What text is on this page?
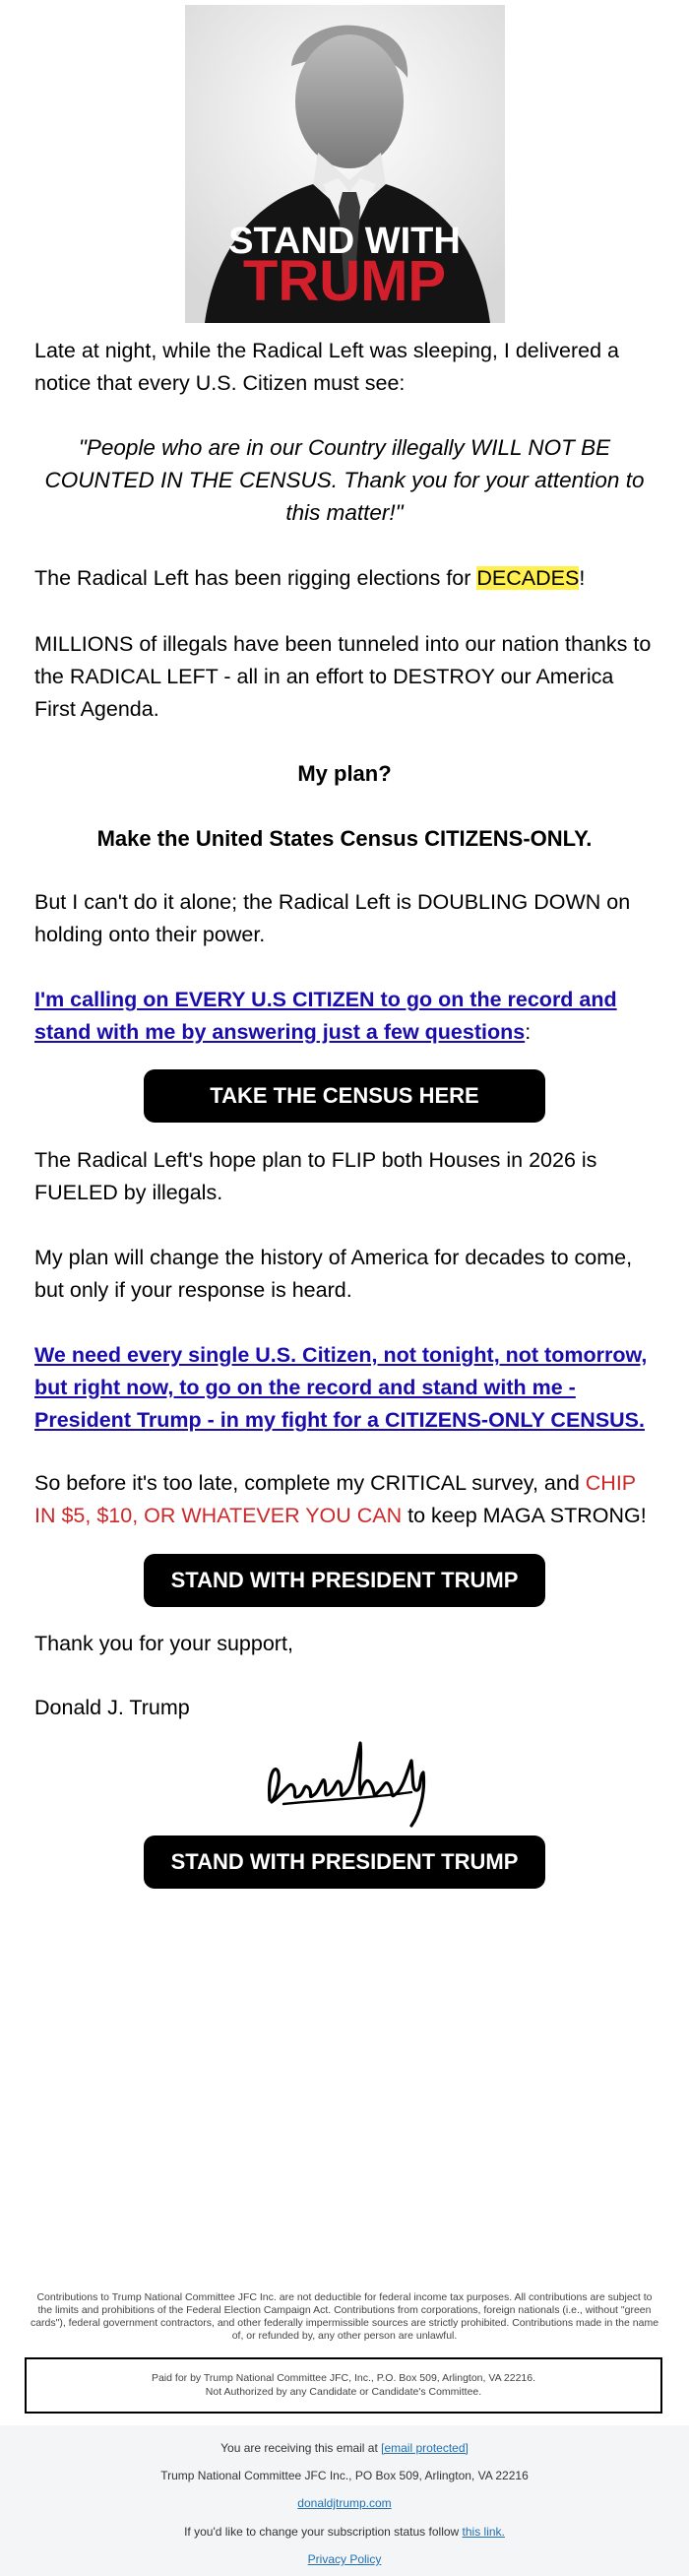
STAND WITH
TRUMP
Late at night, while the Radical Left was sleeping, I delivered a notice that every U.S. Citizen must see:
"People who are in our Country illegally WILL NOT BE COUNTED IN THE CENSUS. Thank you for your attention to this matter!"
The Radical Left has been rigging elections for DECADES!
MILLIONS of illegals have been tunneled into our nation thanks to the RADICAL LEFT - all in an effort to DESTROY our America First Agenda.
My plan?
Make the United States Census CITIZENS-ONLY.
But I can't do it alone; the Radical Left is DOUBLING DOWN on holding onto their power.
I'm calling on EVERY U.S CITIZEN to go on the record and stand with me by answering just a few questions:
TAKE THE CENSUS HERE
The Radical Left's hope plan to FLIP both Houses in 2026 is FUELED by illegals.
My plan will change the history of America for decades to come, but only if your response is heard.
We need every single U.S. Citizen, not tonight, not tomorrow, but right now, to go on the record and stand with me - President Trump - in my fight for a CITIZENS-ONLY CENSUS.
So before it's too late, complete my CRITICAL survey, and CHIP IN $5, $10, OR WHATEVER YOU CAN to keep MAGA STRONG!
STAND WITH PRESIDENT TRUMP
Thank you for your support,
Donald J. Trump
STAND WITH PRESIDENT TRUMP
Contributions to Trump National Committee JFC Inc. are not deductible for federal income tax purposes. All contributions are subject to the limits and prohibitions of the Federal Election Campaign Act. Contributions from corporations, foreign nationals (i.e., without "green cards"), federal government contractors, and other federally impermissible sources are strictly prohibited. Contributions made in the name of, or refunded by, any other person are unlawful.
Paid for by Trump National Committee JFC, Inc., P.O. Box 509, Arlington, VA 22216.
Not Authorized by any Candidate or Candidate's Committee.
You are receiving this email at [email protected]
Trump National Committee JFC Inc., PO Box 509, Arlington, VA 22216
donaldjtrump.com
If you'd like to change your subscription status follow this link.
Privacy Policy
